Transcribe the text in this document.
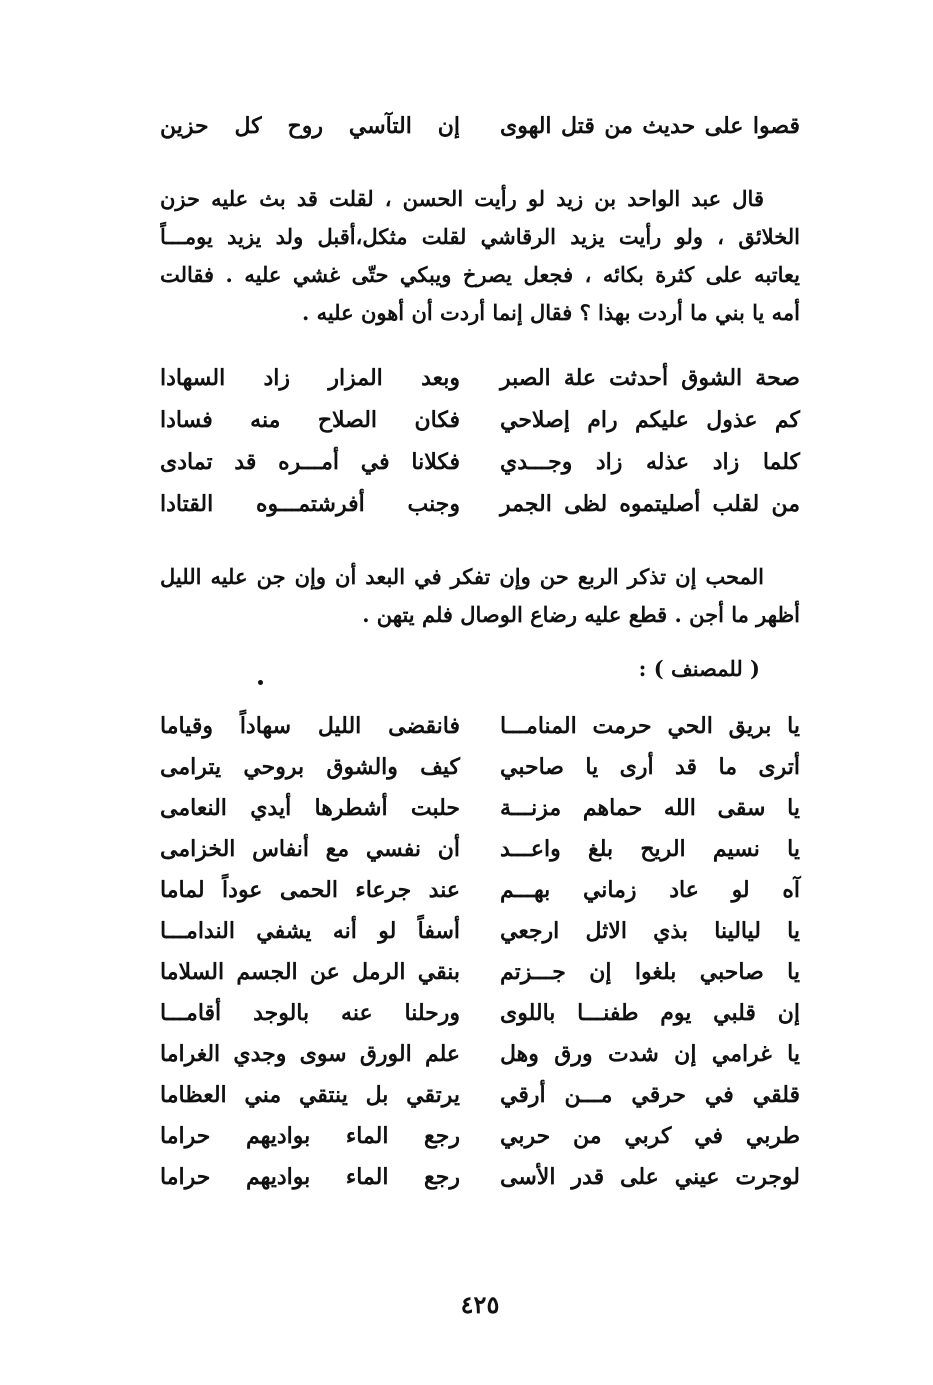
قصوا على حديث من قتل الهوى
إن التآسي روح كل حزين
قال عبد الواحد بن زيد لو رأيت الحسن ، لقلت قد بث عليه حزن
الخلائق ، ولو رأيت يزيد الرقاشي لقلت مثكل،أقبل ولد يزيد يومـــاً
يعاتبه على كثرة بكائه ، فجعل يصرخ ويبكي حتّى غشي عليه . فقالت
أمه يا بني ما أردت بهذا ؟ فقال إنما أردت أن أهون عليه .
صحة الشوق أحدثت علة الصبر
وبعد المزار زاد السهادا
كم عذول عليكم رام إصلاحي
فكان الصلاح منه فسادا
كلما زاد عذله زاد وجـــدي
فكلانا في أمـــره قد تمادى
من لقلب أصليتموه لظى الجمر
وجنب أفرشتمـــوه القتادا
المحب إن تذكر الربع حن وإن تفكر في البعد أن وإن جن عليه الليل
أظهر ما أجن . قطع عليه رضاع الوصال فلم يتهن .
( للمصنف ) :
يا بريق الحي حرمت المنامـــا
فانقضى الليل سهاداً وقياما
أترى ما قد أرى يا صاحبي
كيف والشوق بروحي يترامى
يا سقى الله حماهم مزنـــة
حلبت أشطرها أيدي النعامى
يا نسيم الريح بلغ واعـــد
أن نفسي مع أنفاس الخزامى
آه لو عاد زماني بهـــم
عند جرعاء الحمى عوداً لماما
يا ليالينا بذي الاثل ارجعي
أسفاً لو أنه يشفي الندامـــا
يا صاحبي بلغوا إن جـــزتم
بنقي الرمل عن الجسم السلاما
إن قلبي يوم طفنـــا باللوى
ورحلنا عنه بالوجد أقامـــا
يا غرامي إن شدت ورق وهل
علم الورق سوى وجدي الغراما
قلقي في حرقي مـــن أرقي
يرتقي بل ينتقي مني العظاما
طربي في كربي من حربي
رجع الماء بواديهم حراما
لوجرت عيني على قدر الأسى
رجع الماء بواديهم حراما
٤٢٥
